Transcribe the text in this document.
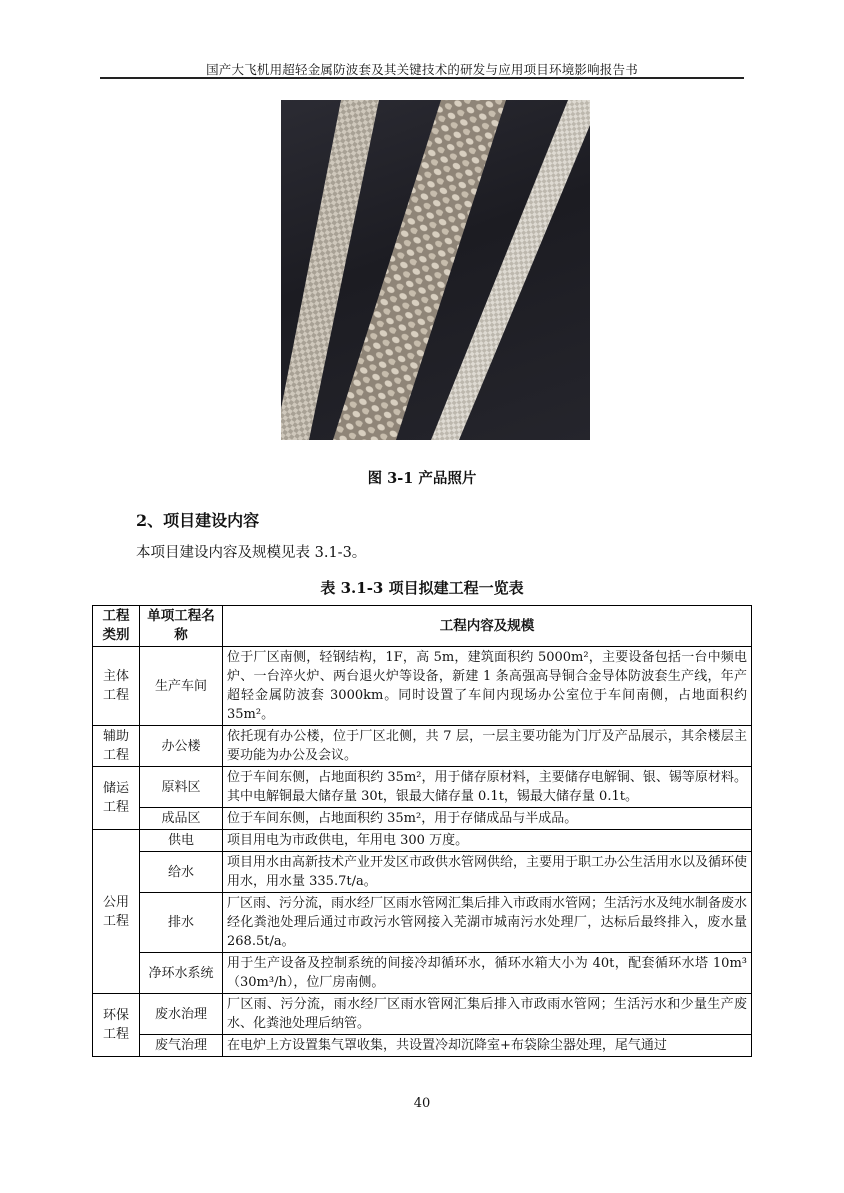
国产大飞机用超轻金属防波套及其关键技术的研发与应用项目环境影响报告书
图 3-1 产品照片
2、项目建设内容
本项目建设内容及规模见表 3.1-3。
表 3.1-3 项目拟建工程一览表
工程类别	单项工程名称	工程内容及规模
主体工程	生产车间	位于厂区南侧，轻钢结构，1F，高 5m，建筑面积约 5000m²，主要设备包括一台中频电炉、一台淬火炉、两台退火炉等设备，新建 1 条高强高导铜合金导体防波套生产线，年产超轻金属防波套 3000km。同时设置了车间内现场办公室位于车间南侧，占地面积约 35m²。
辅助工程	办公楼	依托现有办公楼，位于厂区北侧，共 7 层，一层主要功能为门厅及产品展示，其余楼层主要功能为办公及会议。
储运工程	原料区	位于车间东侧，占地面积约 35m²，用于储存原材料，主要储存电解铜、银、锡等原材料。其中电解铜最大储存量 30t，银最大储存量 0.1t，锡最大储存量 0.1t。
	成品区	位于车间东侧，占地面积约 35m²，用于存储成品与半成品。
公用工程	供电	项目用电为市政供电，年用电 300 万度。
	给水	项目用水由高新技术产业开发区市政供水管网供给，主要用于职工办公生活用水以及循环使用水，用水量 335.7t/a。
	排水	厂区雨、污分流，雨水经厂区雨水管网汇集后排入市政雨水管网；生活污水及纯水制备废水经化粪池处理后通过市政污水管网接入芜湖市城南污水处理厂，达标后最终排入，废水量 268.5t/a。
	净环水系统	用于生产设备及控制系统的间接冷却循环水，循环水箱大小为 40t，配套循环水塔 10m³（30m³/h），位厂房南侧。
环保工程	废水治理	厂区雨、污分流，雨水经厂区雨水管网汇集后排入市政雨水管网；生活污水和少量生产废水、化粪池处理后纳管。
	废气治理	在电炉上方设置集气罩收集，共设置冷却沉降室+布袋除尘器处理，尾气通过
40
